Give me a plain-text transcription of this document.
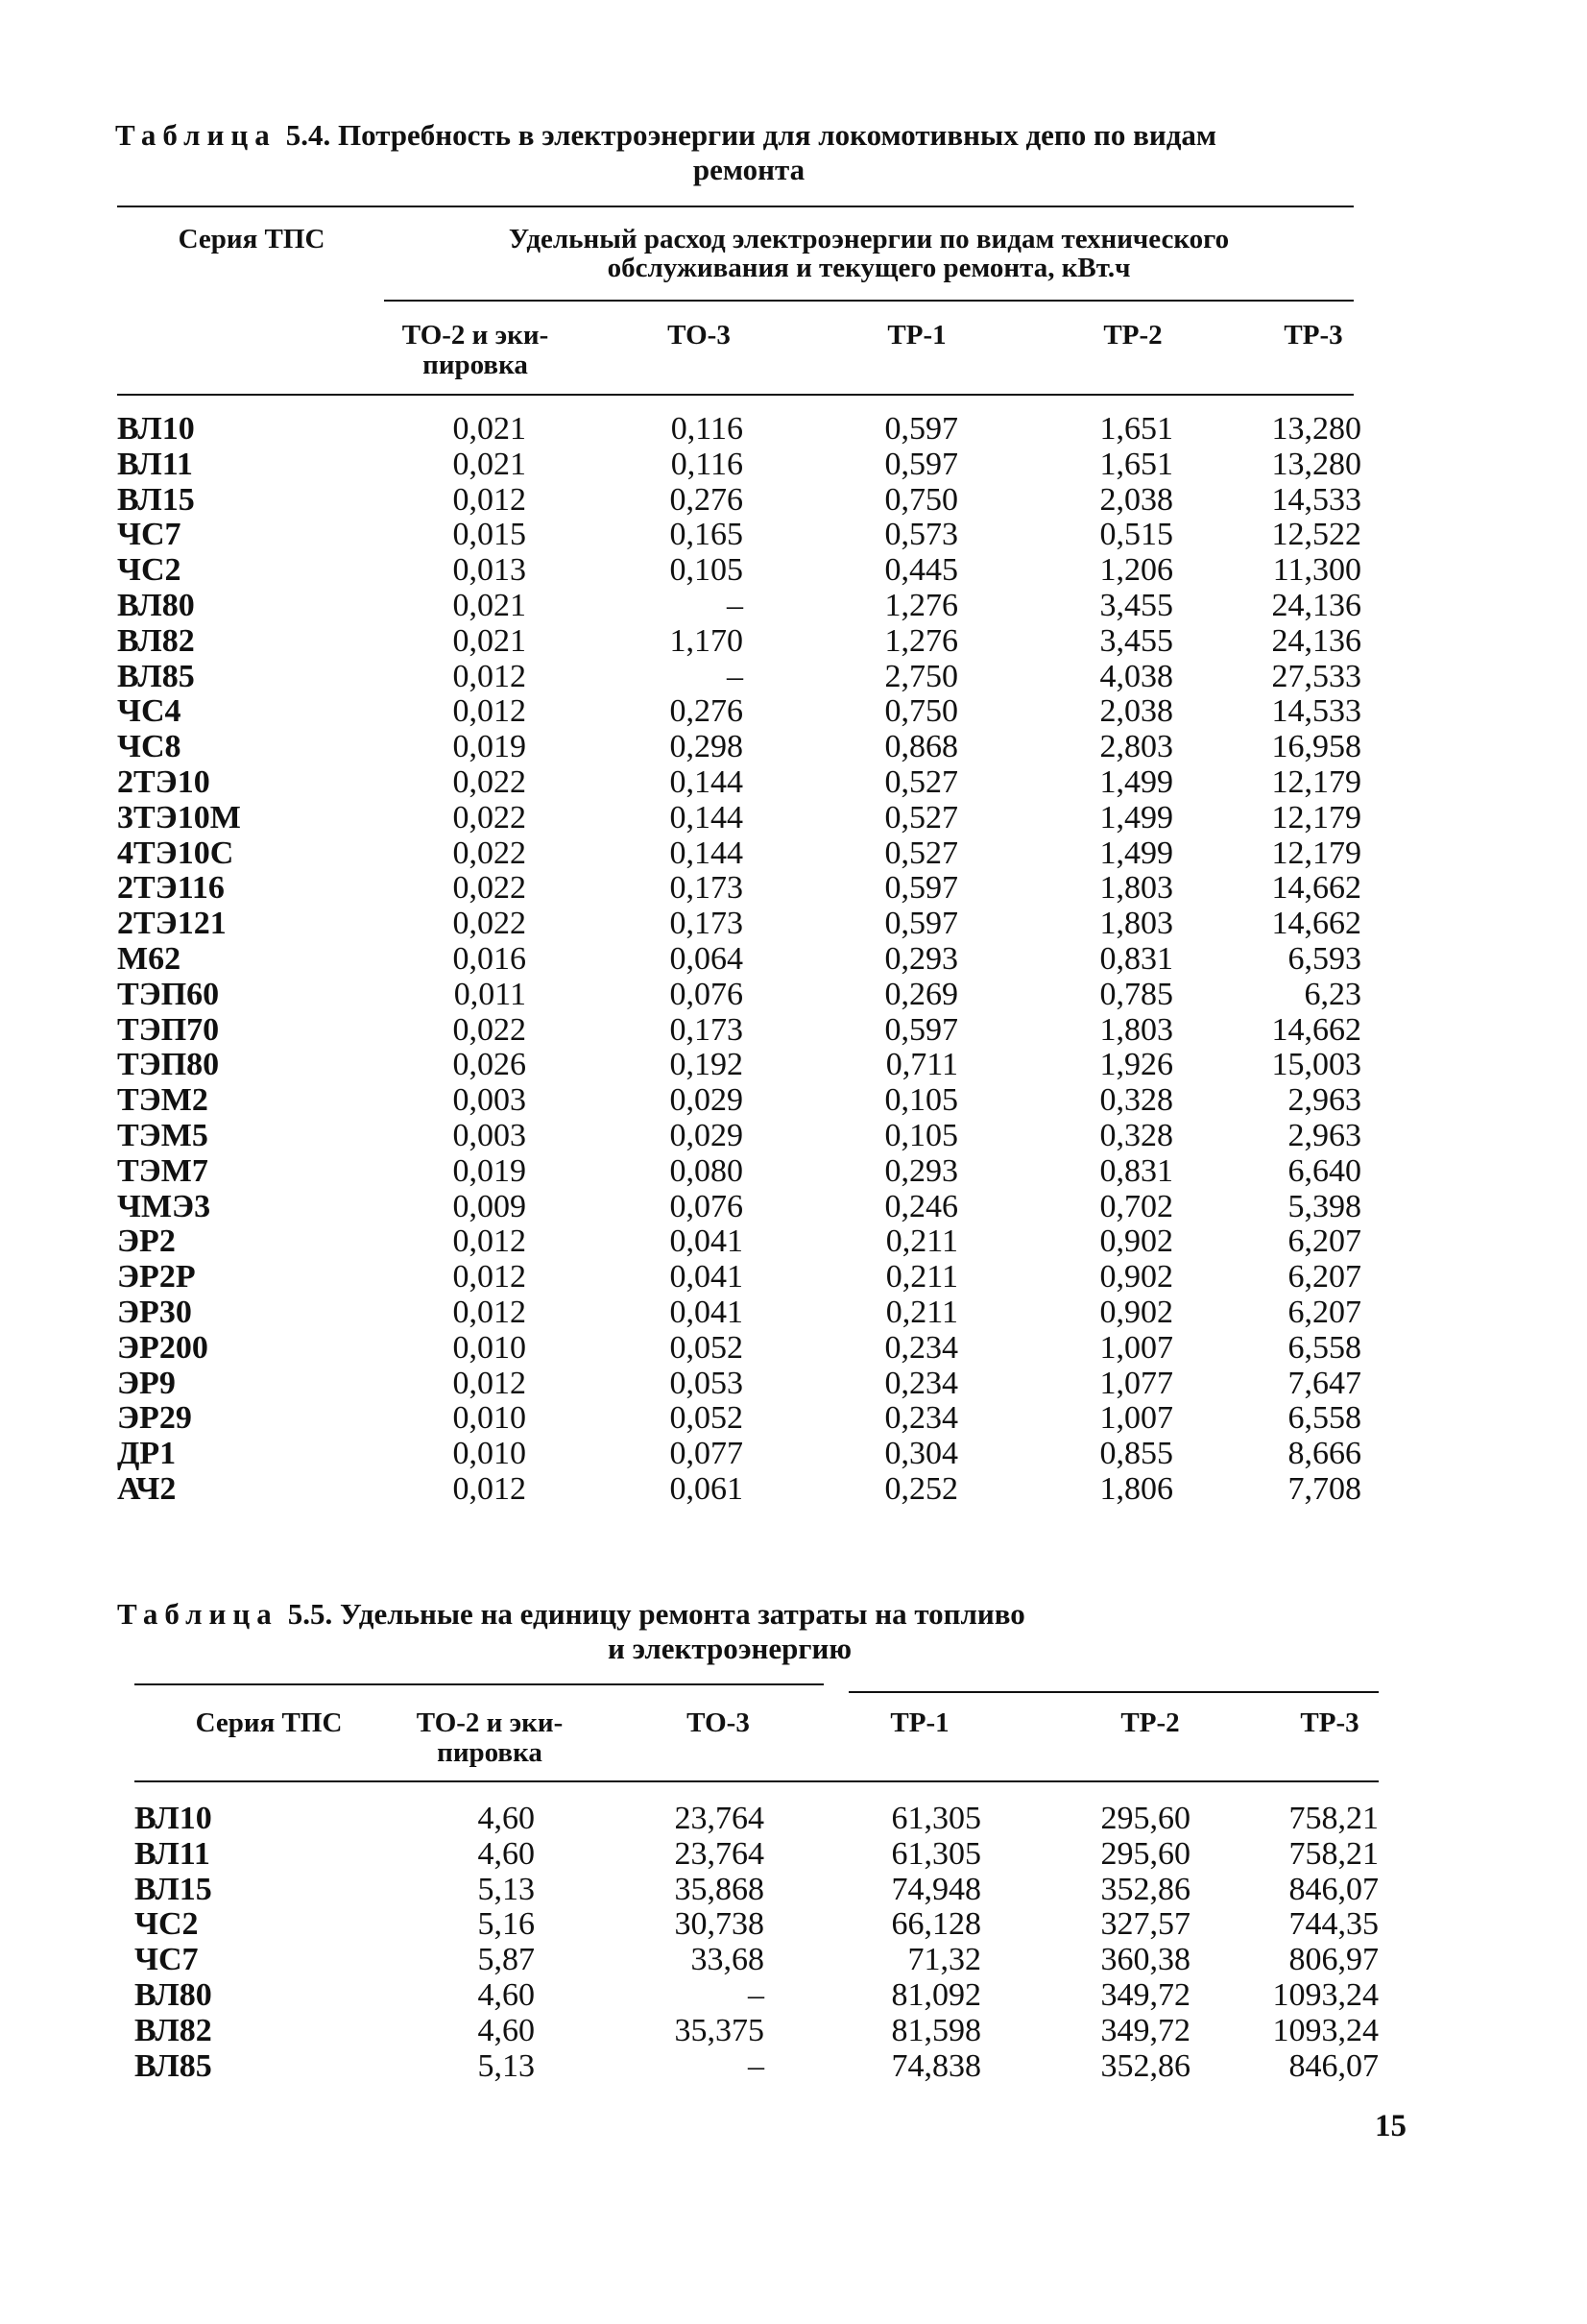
Таблица 5.4. Потребность в электроэнергии для локомотивных депо по видам
ремонта
Серия ТПС	Удельный расход электроэнергии по видам технического
обслуживания и текущего ремонта, кВт.ч
ТО-2 и эки-
пировка
ТО-3	ТР-1	ТР-2	ТР-3
ВЛ10	0,021	0,116	0,597	1,651	13,280
ВЛ11	0,021	0,116	0,597	1,651	13,280
ВЛ15	0,012	0,276	0,750	2,038	14,533
ЧС7	0,015	0,165	0,573	0,515	12,522
ЧС2	0,013	0,105	0,445	1,206	11,300
ВЛ80	0,021	–	1,276	3,455	24,136
ВЛ82	0,021	1,170	1,276	3,455	24,136
ВЛ85	0,012	–	2,750	4,038	27,533
ЧС4	0,012	0,276	0,750	2,038	14,533
ЧС8	0,019	0,298	0,868	2,803	16,958
2ТЭ10	0,022	0,144	0,527	1,499	12,179
3ТЭ10М	0,022	0,144	0,527	1,499	12,179
4ТЭ10С	0,022	0,144	0,527	1,499	12,179
2ТЭ116	0,022	0,173	0,597	1,803	14,662
2ТЭ121	0,022	0,173	0,597	1,803	14,662
М62	0,016	0,064	0,293	0,831	6,593
ТЭП60	0,011	0,076	0,269	0,785	6,23
ТЭП70	0,022	0,173	0,597	1,803	14,662
ТЭП80	0,026	0,192	0,711	1,926	15,003
ТЭМ2	0,003	0,029	0,105	0,328	2,963
ТЭМ5	0,003	0,029	0,105	0,328	2,963
ТЭМ7	0,019	0,080	0,293	0,831	6,640
ЧМЭ3	0,009	0,076	0,246	0,702	5,398
ЭР2	0,012	0,041	0,211	0,902	6,207
ЭР2Р	0,012	0,041	0,211	0,902	6,207
ЭР30	0,012	0,041	0,211	0,902	6,207
ЭР200	0,010	0,052	0,234	1,007	6,558
ЭР9	0,012	0,053	0,234	1,077	7,647
ЭР29	0,010	0,052	0,234	1,007	6,558
ДР1	0,010	0,077	0,304	0,855	8,666
АЧ2	0,012	0,061	0,252	1,806	7,708
Таблица 5.5. Удельные на единицу ремонта затраты на топливо
и электроэнергию
Серия ТПС	ТО-2 и эки-
пировка
ТО-3	ТР-1	ТР-2	ТР-3
ВЛ10	4,60	23,764	61,305	295,60	758,21
ВЛ11	4,60	23,764	61,305	295,60	758,21
ВЛ15	5,13	35,868	74,948	352,86	846,07
ЧС2	5,16	30,738	66,128	327,57	744,35
ЧС7	5,87	33,68	71,32	360,38	806,97
ВЛ80	4,60	–	81,092	349,72	1093,24
ВЛ82	4,60	35,375	81,598	349,72	1093,24
ВЛ85	5,13	–	74,838	352,86	846,07
15
